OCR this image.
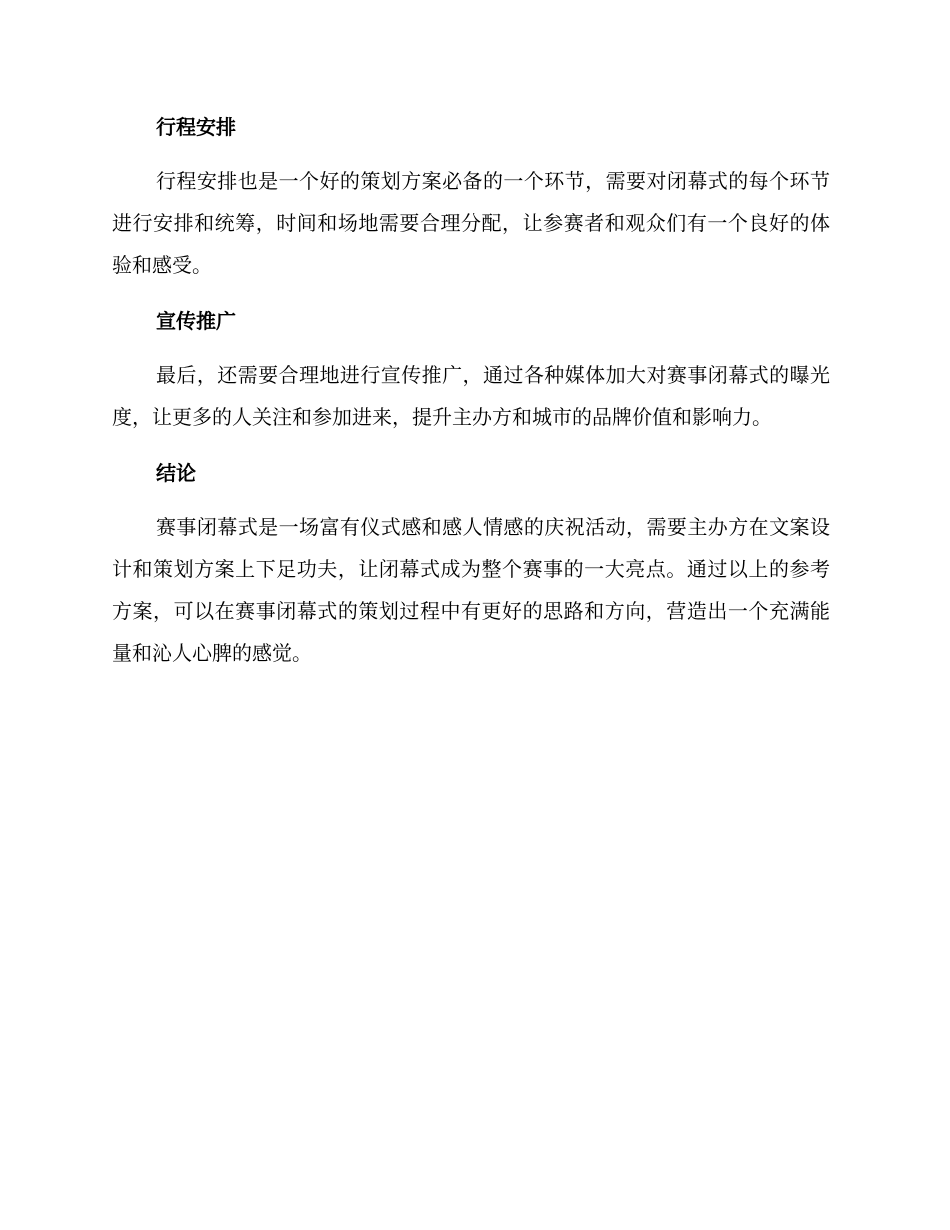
行程安排

行程安排也是一个好的策划方案必备的一个环节，需要对闭幕式的每个环节进行安排和统筹，时间和场地需要合理分配，让参赛者和观众们有一个良好的体验和感受。

宣传推广

最后，还需要合理地进行宣传推广，通过各种媒体加大对赛事闭幕式的曝光度，让更多的人关注和参加进来，提升主办方和城市的品牌价值和影响力。

结论

赛事闭幕式是一场富有仪式感和感人情感的庆祝活动，需要主办方在文案设计和策划方案上下足功夫，让闭幕式成为整个赛事的一大亮点。通过以上的参考方案，可以在赛事闭幕式的策划过程中有更好的思路和方向，营造出一个充满能量和沁人心脾的感觉。
